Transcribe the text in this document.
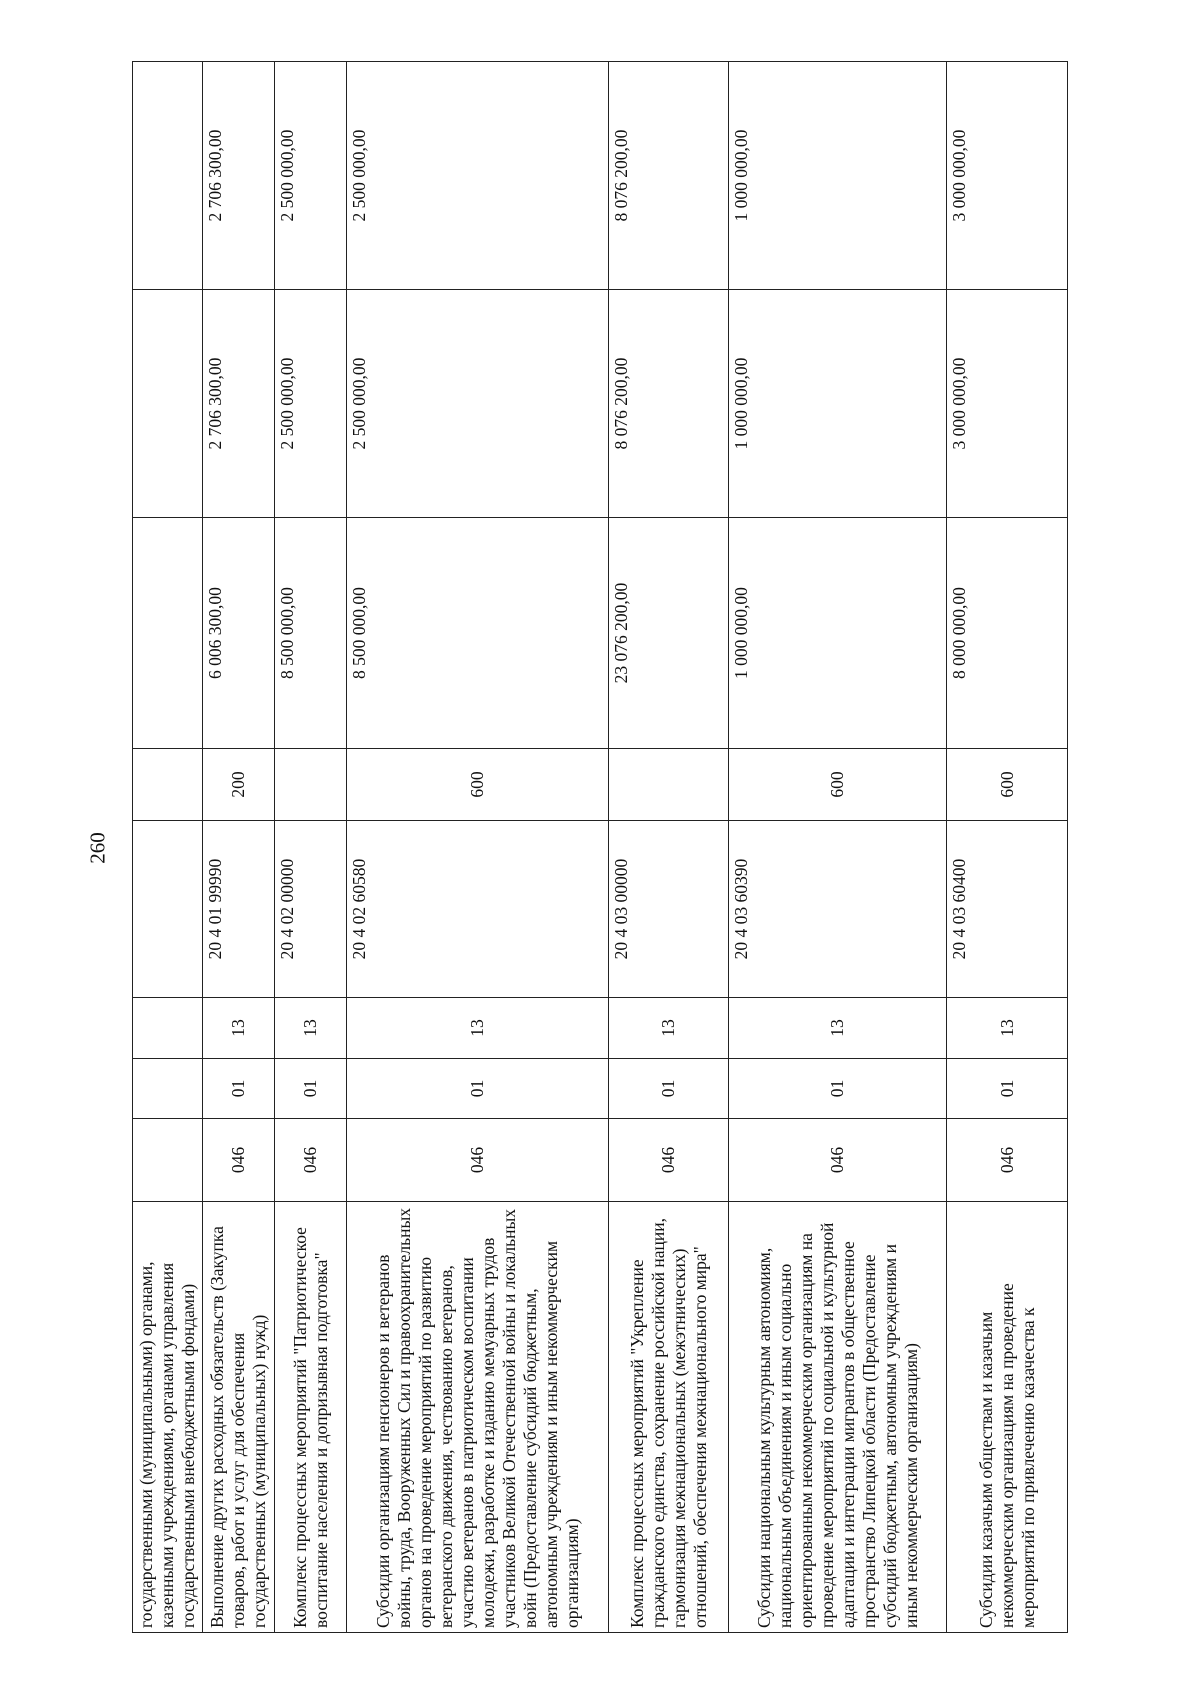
260
государственными (муниципальными) органами, казенными учреждениями, органами управления государственными внебюджетными фондами)								
Выполнение других расходных обязательств (Закупка товаров, работ и услуг для обеспечения государственных (муниципальных) нужд)	046	01	13	20 4 01 99990	200	6 006 300,00	2 706 300,00	2 706 300,00
Комплекс процессных мероприятий "Патриотическое воспитание населения и допризывная подготовка"	046	01	13	20 4 02 00000		8 500 000,00	2 500 000,00	2 500 000,00
Субсидии организациям пенсионеров и ветеранов войны, труда, Вооруженных Сил и правоохранительных органов на проведение мероприятий по развитию ветеранского движения, чествованию ветеранов, участию ветеранов в патриотическом воспитании молодежи, разработке и изданию мемуарных трудов участников Великой Отечественной войны и локальных войн (Предоставление субсидий бюджетным, автономным учреждениям и иным некоммерческим организациям)	046	01	13	20 4 02 60580	600	8 500 000,00	2 500 000,00	2 500 000,00
Комплекс процессных мероприятий "Укрепление гражданского единства, сохранение российской нации, гармонизация межнациональных (межэтнических) отношений, обеспечения межнационального мира"	046	01	13	20 4 03 00000		23 076 200,00	8 076 200,00	8 076 200,00
Субсидии национальным культурным автономиям, национальным объединениям и иным социально ориентированным некоммерческим организациям на проведение мероприятий по социальной и культурной адаптации и интеграции мигрантов в общественное пространство Липецкой области (Предоставление субсидий бюджетным, автономным учреждениям и иным некоммерческим организациям)	046	01	13	20 4 03 60390	600	1 000 000,00	1 000 000,00	1 000 000,00
Субсидии казачьим обществам и казачьим некоммерческим организациям на проведение мероприятий по привлечению казачества к	046	01	13	20 4 03 60400	600	8 000 000,00	3 000 000,00	3 000 000,00
